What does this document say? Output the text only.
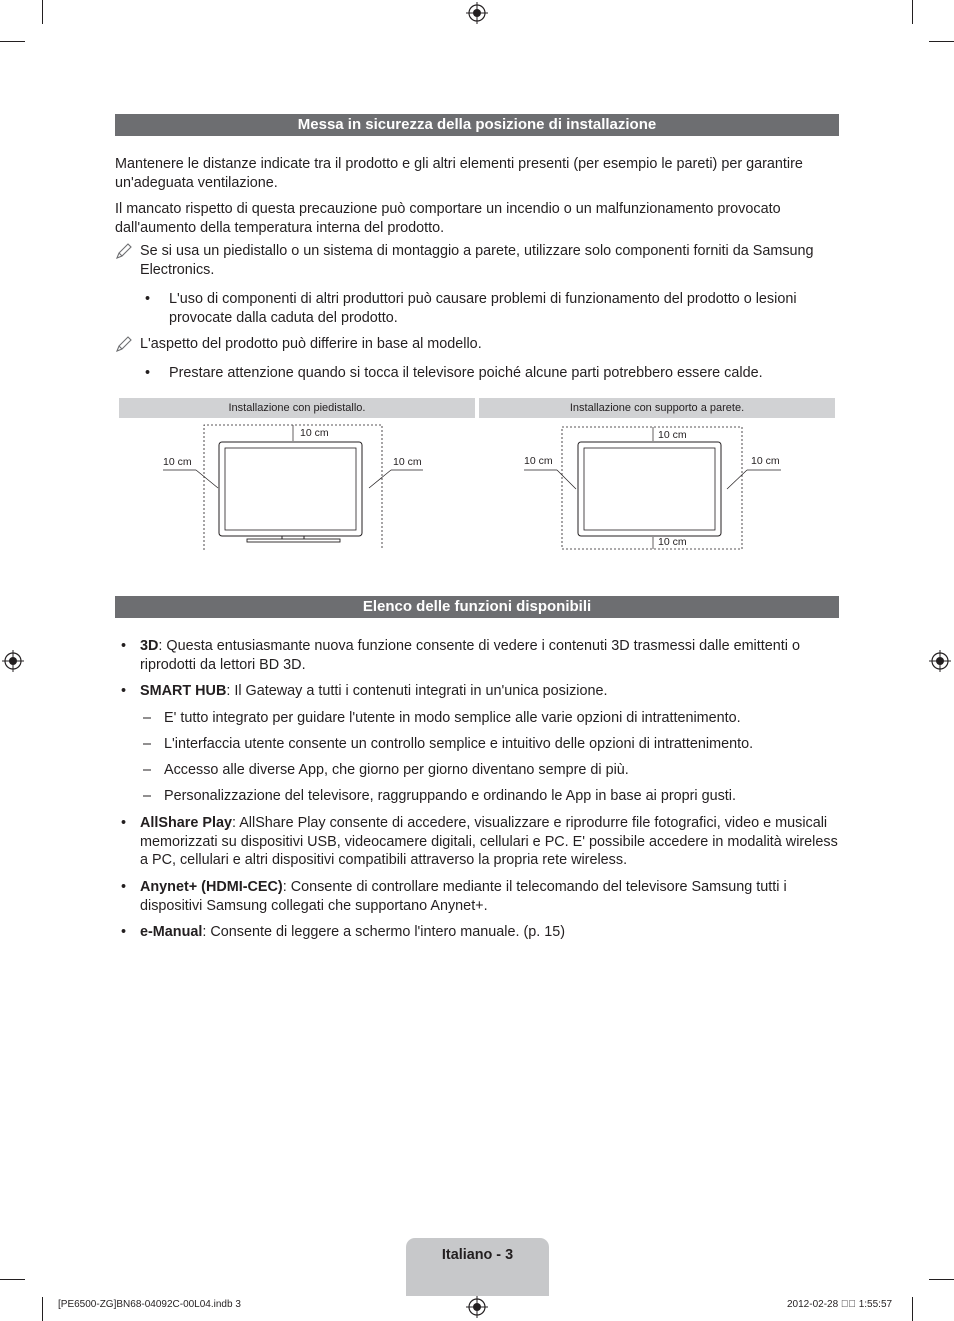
Messa in sicurezza della posizione di installazione

Mantenere le distanze indicate tra il prodotto e gli altri elementi presenti (per esempio le pareti) per garantire un'adeguata ventilazione.

Il mancato rispetto di questa precauzione può comportare un incendio o un malfunzionamento provocato dall'aumento della temperatura interna del prodotto.

Se si usa un piedistallo o un sistema di montaggio a parete, utilizzare solo componenti forniti da Samsung Electronics.
• L'uso di componenti di altri produttori può causare problemi di funzionamento del prodotto o lesioni provocate dalla caduta del prodotto.
L'aspetto del prodotto può differire in base al modello.
• Prestare attenzione quando si tocca il televisore poiché alcune parti potrebbero essere calde.
Installazione con piedistallo.	Installazione con supporto a parete.
10 cm
10 cm	10 cm
10 cm
10 cm	10 cm
10 cm
Elenco delle funzioni disponibili
• 3D: Questa entusiasmante nuova funzione consente di vedere i contenuti 3D trasmessi dalle emittenti o riprodotti da lettori BD 3D.
• SMART HUB: Il Gateway a tutti i contenuti integrati in un'unica posizione.
– E' tutto integrato per guidare l'utente in modo semplice alle varie opzioni di intrattenimento.
– L'interfaccia utente consente un controllo semplice e intuitivo delle opzioni di intrattenimento.
– Accesso alle diverse App, che giorno per giorno diventano sempre di più.
– Personalizzazione del televisore, raggruppando e ordinando le App in base ai propri gusti.
• AllShare Play: AllShare Play consente di accedere, visualizzare e riprodurre file fotografici, video e musicali memorizzati su dispositivi USB, videocamere digitali, cellulari e PC. E' possibile accedere in modalità wireless a PC, cellulari e altri dispositivi compatibili attraverso la propria rete wireless.
• Anynet+ (HDMI-CEC): Consente di controllare mediante il telecomando del televisore Samsung tutti i dispositivi Samsung collegati che supportano Anynet+.
• e-Manual: Consente di leggere a schermo l'intero manuale. (p. 15)
Italiano - 3
[PE6500-ZG]BN68-04092C-00L04.indb 3	2012-02-28 ￿￿ 1:55:57
